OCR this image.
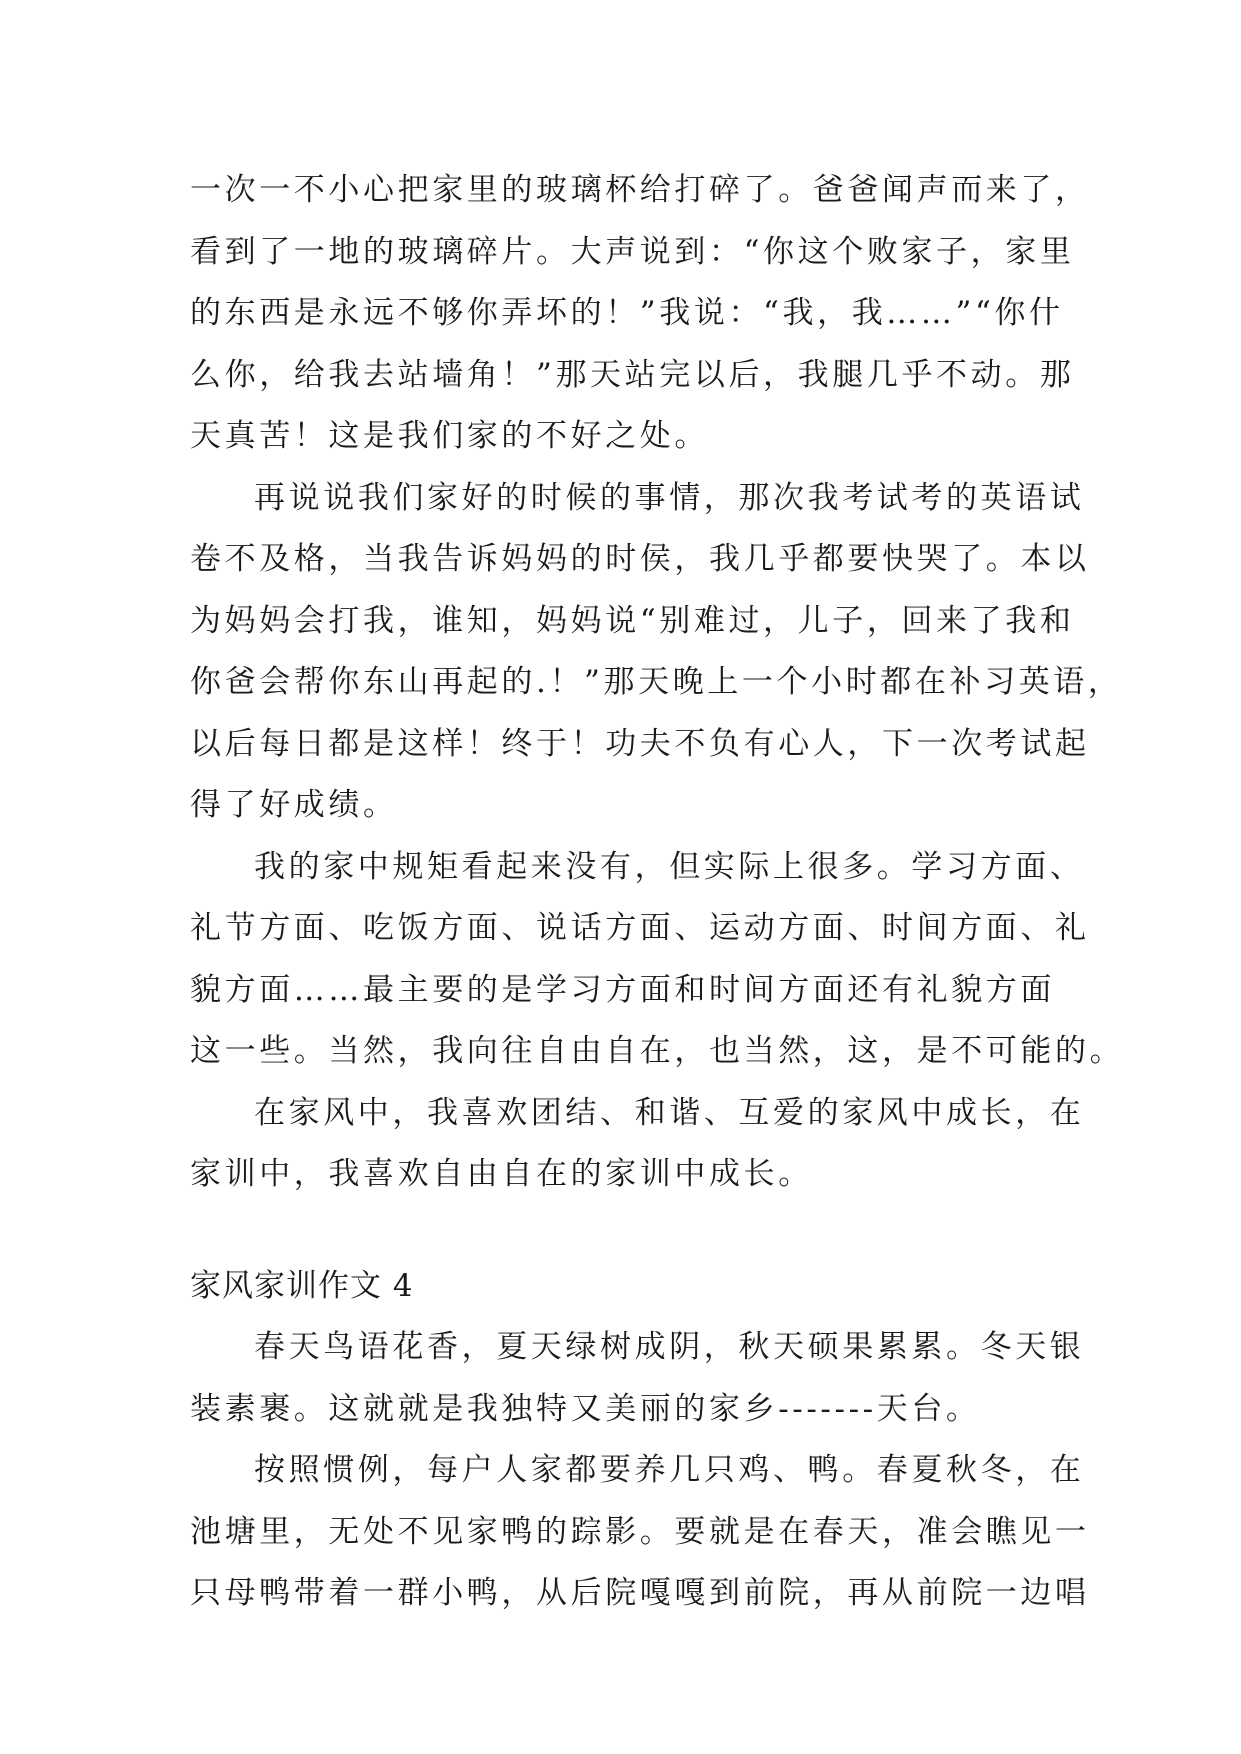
一次一不小心把家里的玻璃杯给打碎了。爸爸闻声而来了，
看到了一地的玻璃碎片。大声说到：“你这个败家子，家里
的东西是永远不够你弄坏的！”我说：“我，我……”“你什
么你，给我去站墙角！”那天站完以后，我腿几乎不动。那
天真苦！这是我们家的不好之处。
再说说我们家好的时候的事情，那次我考试考的英语试
卷不及格，当我告诉妈妈的时侯，我几乎都要快哭了。本以
为妈妈会打我，谁知，妈妈说“别难过，儿子，回来了我和
你爸会帮你东山再起的.！”那天晚上一个小时都在补习英语，
以后每日都是这样！终于！功夫不负有心人，下一次考试起
得了好成绩。
我的家中规矩看起来没有，但实际上很多。学习方面、
礼节方面、吃饭方面、说话方面、运动方面、时间方面、礼
貌方面……最主要的是学习方面和时间方面还有礼貌方面
这一些。当然，我向往自由自在，也当然，这，是不可能的。
在家风中，我喜欢团结、和谐、互爱的家风中成长，在
家训中，我喜欢自由自在的家训中成长。
家风家训作文 4
春天鸟语花香，夏天绿树成阴，秋天硕果累累。冬天银
装素裹。这就就是我独特又美丽的家乡-------天台。
按照惯例，每户人家都要养几只鸡、鸭。春夏秋冬，在
池塘里，无处不见家鸭的踪影。要就是在春天，准会瞧见一
只母鸭带着一群小鸭，从后院嘎嘎到前院，再从前院一边唱
